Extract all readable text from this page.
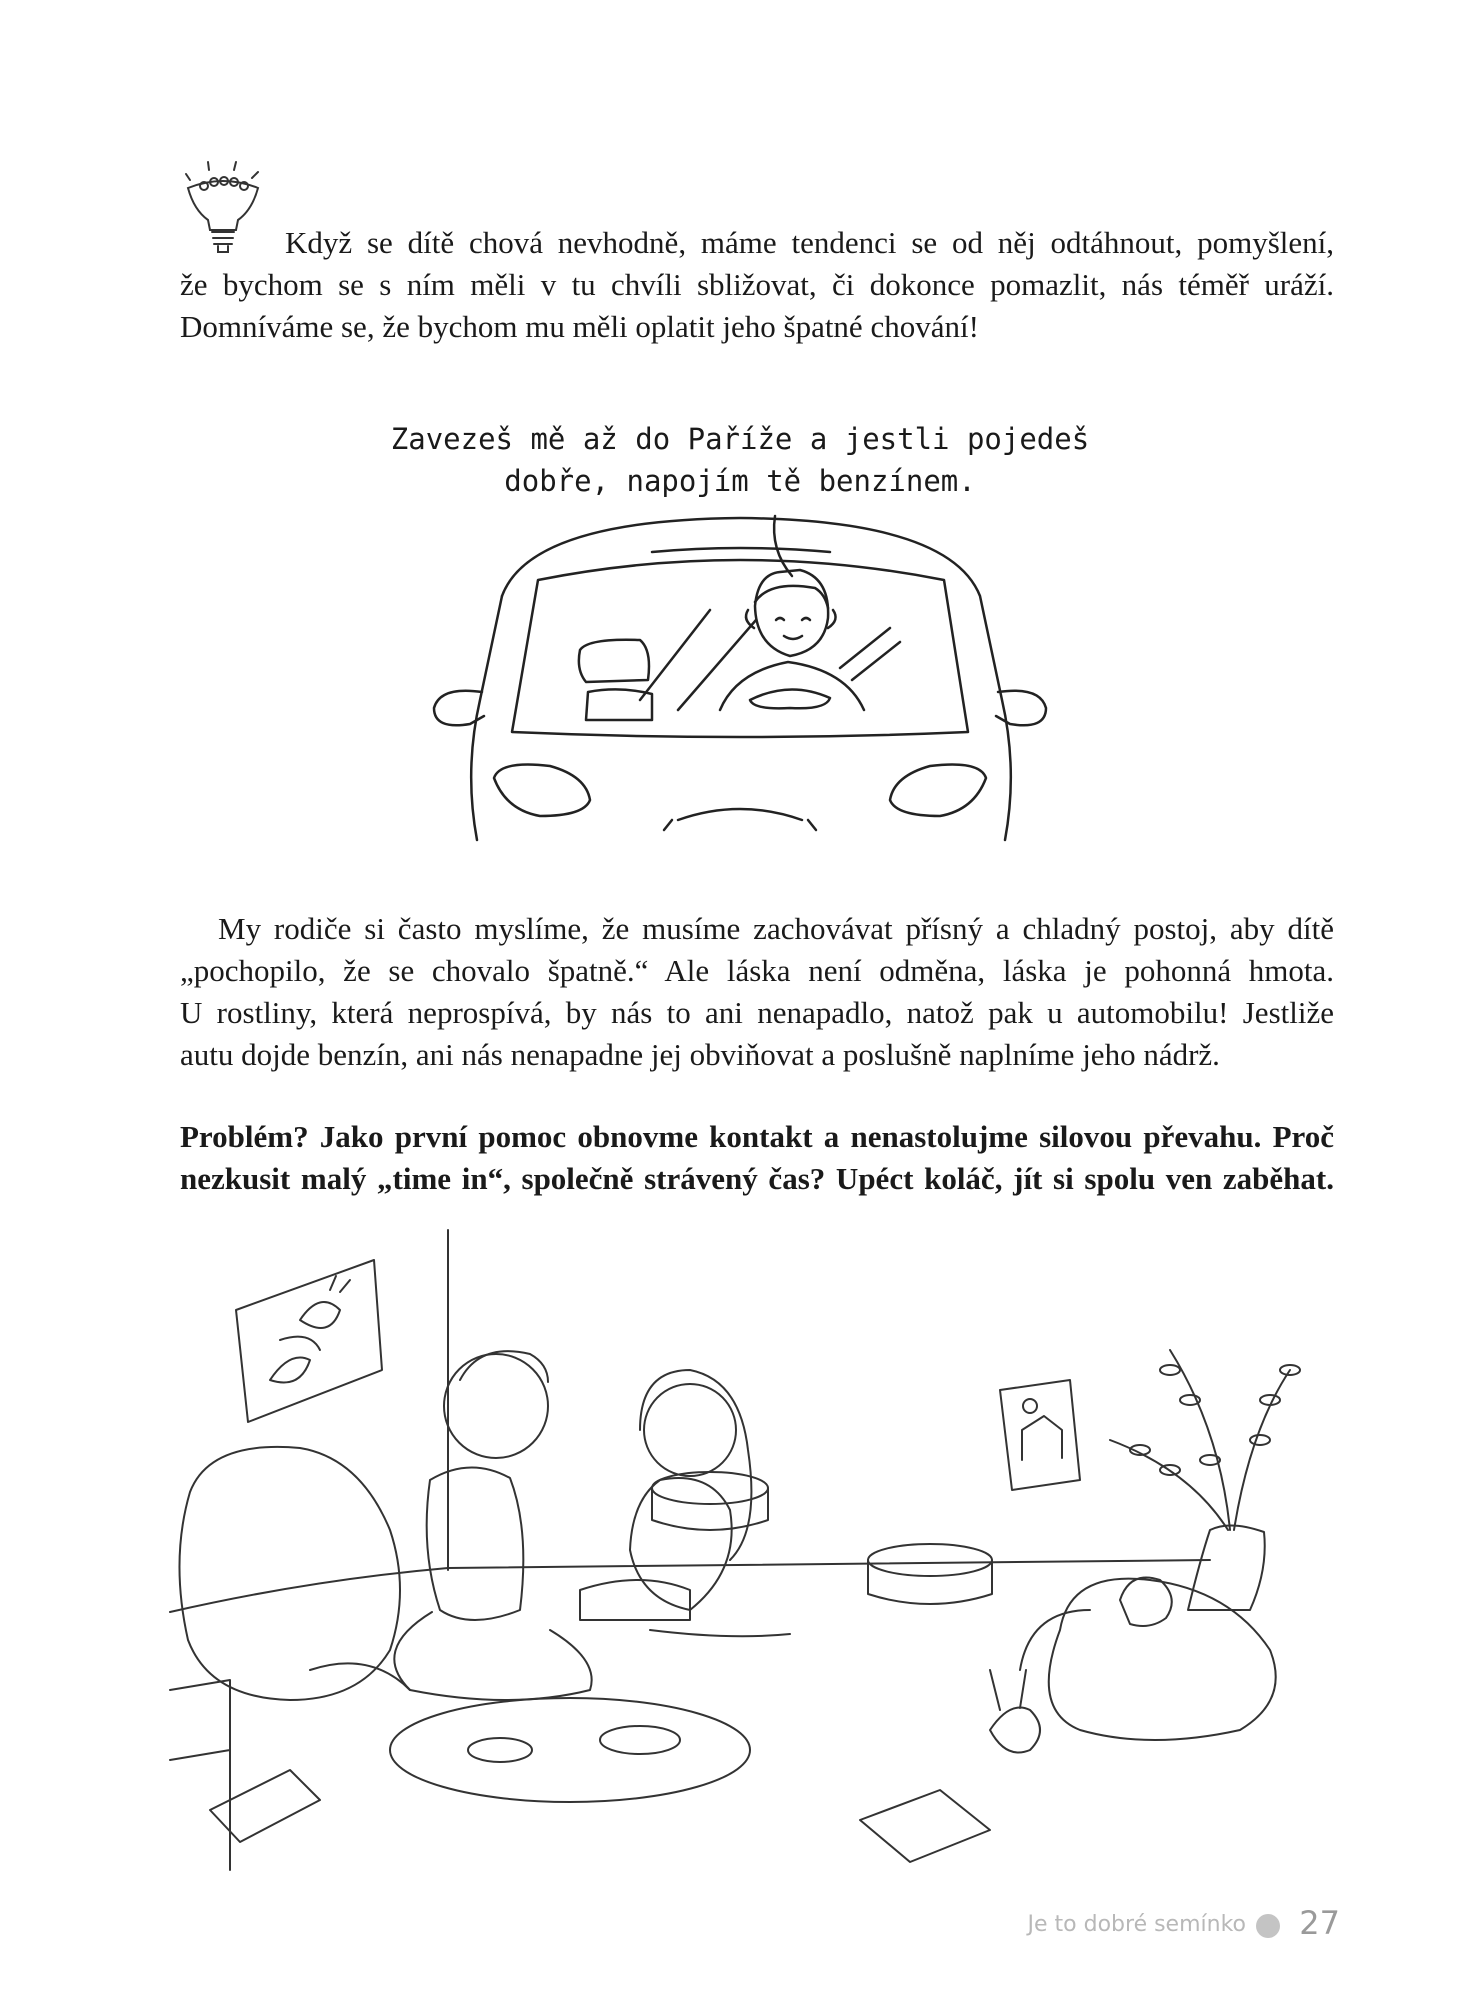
Když se dítě chová nevhodně, máme tendenci se od něj odtáhnout, pomyšlení,
že bychom se s ním měli v tu chvíli sbližovat, či dokonce pomazlit, nás téměř uráží.
Domníváme se, že bychom mu měli oplatit jeho špatné chování!
Zavezeš mě až do Paříže a jestli pojedeš
dobře, napojím tě benzínem.
My rodiče si často myslíme, že musíme zachovávat přísný a chladný postoj, aby dítě
„pochopilo, že se chovalo špatně.“ Ale láska není odměna, láska je pohonná hmota.
U rostliny, která neprospívá, by nás to ani nenapadlo, natož pak u automobilu! Jestliže
autu dojde benzín, ani nás nenapadne jej obviňovat a poslušně naplníme jeho nádrž.
Problém? Jako první pomoc obnovme kontakt a nenastolujme silovou převahu. Proč
nezkusit malý „time in“, společně strávený čas? Upéct koláč, jít si spolu ven zaběhat.
Je to dobré semínko 27
